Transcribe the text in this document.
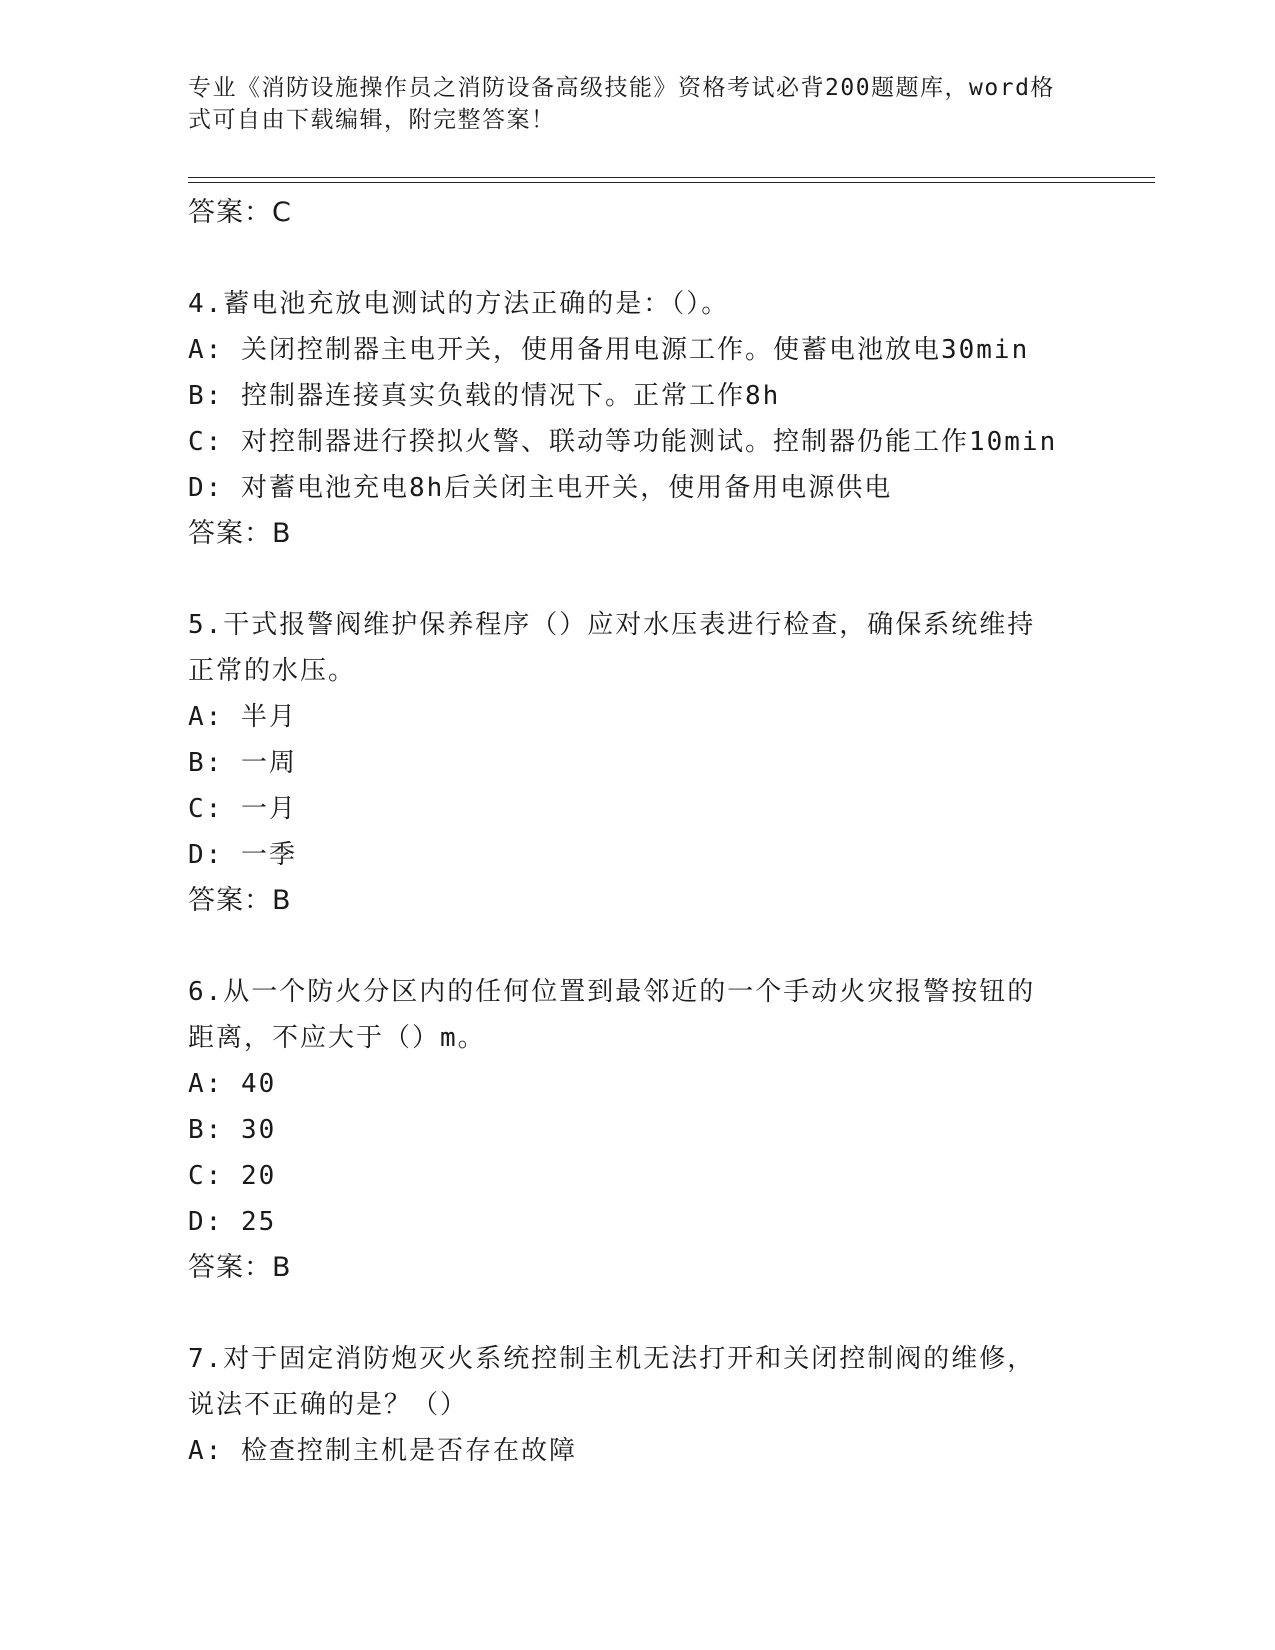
专业《消防设施操作员之消防设备高级技能》资格考试必背200题题库，word格
式可自由下载编辑，附完整答案！

答案：C

4.蓄电池充放电测试的方法正确的是：（）。

A: 关闭控制器主电开关，使用备用电源工作。使蓄电池放电30min

B: 控制器连接真实负载的情况下。正常工作8h

C: 对控制器进行揆拟火警、联动等功能测试。控制器仍能工作10min

D: 对蓄电池充电8h后关闭主电开关，使用备用电源供电

答案：B

5.干式报警阀维护保养程序（）应对水压表进行检查，确保系统维持

正常的水压。

A: 半月

B: 一周

C: 一月

D: 一季

答案：B

6.从一个防火分区内的任何位置到最邻近的一个手动火灾报警按钮的

距离，不应大于（）m。

A: 40

B: 30

C: 20

D: 25

答案：B

7.对于固定消防炮灭火系统控制主机无法打开和关闭控制阀的维修，

说法不正确的是？（）

A: 检查控制主机是否存在故障
